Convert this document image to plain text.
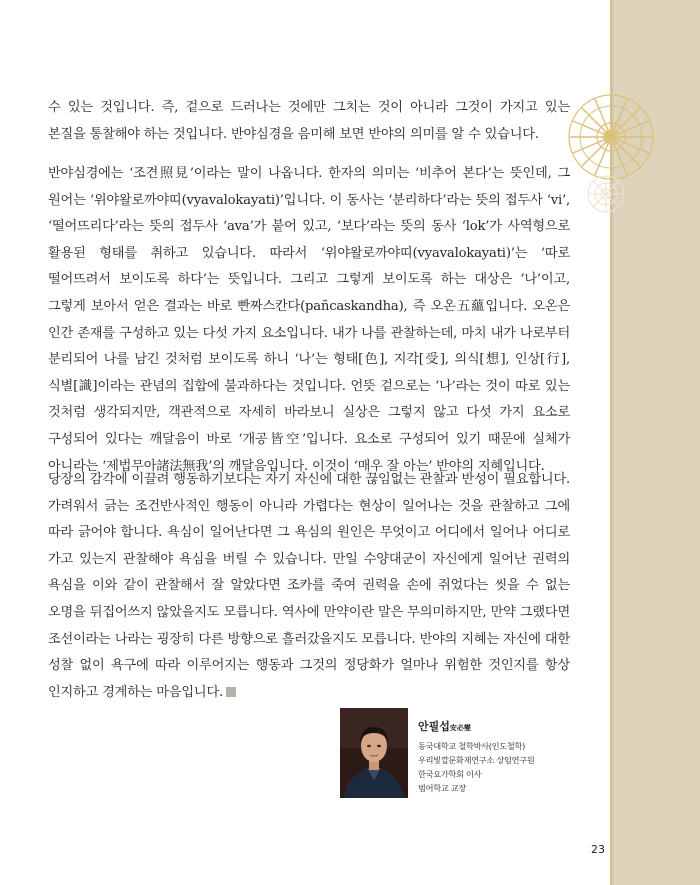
수 있는 것입니다. 즉, 겉으로 드러나는 것에만 그치는 것이 아니라 그것이 가지고 있는 본질을 통찰해야 하는 것입니다. 반야심경을 음미해 보면 반야의 의미를 알 수 있습니다.

반야심경에는 ‘조견照見’이라는 말이 나옵니다. 한자의 의미는 ‘비추어 본다’는 뜻인데, 그 원어는 ‘위야왈로까야띠(vyavalokayati)’입니다. 이 동사는 ‘분리하다’라는 뜻의 접두사 ‘vi’, ‘떨어뜨리다’라는 뜻의 접두사 ‘ava’가 붙어 있고, ‘보다’라는 뜻의 동사 ‘lok’가 사역형으로 활용된 형태를 취하고 있습니다. 따라서 ‘위야왈로까야띠(vyavalokayati)’는 ‘따로 떨어뜨려서 보이도록 하다’는 뜻입니다. 그리고 그렇게 보이도록 하는 대상은 ‘나’이고, 그렇게 보아서 얻은 결과는 바로 빤짜스칸다(pañcaskandha), 즉 오온五蘊입니다. 오온은 인간 존재를 구성하고 있는 다섯 가지 요소입니다. 내가 나를 관찰하는데, 마치 내가 나로부터 분리되어 나를 남긴 것처럼 보이도록 하니 ‘나’는 형태[色], 지각[受], 의식[想], 인상[行], 식별[識]이라는 관념의 집합에 불과하다는 것입니다. 언뜻 겉으로는 ‘나’라는 것이 따로 있는 것처럼 생각되지만, 객관적으로 자세히 바라보니 실상은 그렇지 않고 다섯 가지 요소로 구성되어 있다는 깨달음이 바로 ‘개공皆空’입니다. 요소로 구성되어 있기 때문에 실체가 아니라는 ‘제법무아諸法無我’의 깨달음입니다. 이것이 ‘매우 잘 아는’ 반야의 지혜입니다.

당장의 감각에 이끌려 행동하기보다는 자기 자신에 대한 끊임없는 관찰과 반성이 필요합니다. 가려워서 긁는 조건반사적인 행동이 아니라 가렵다는 현상이 일어나는 것을 관찰하고 그에 따라 긁어야 합니다. 욕심이 일어난다면 그 욕심의 원인은 무엇이고 어디에서 일어나 어디로 가고 있는지 관찰해야 욕심을 버릴 수 있습니다. 만일 수양대군이 자신에게 일어난 권력의 욕심을 이와 같이 관찰해서 잘 알았다면 조카를 죽여 권력을 손에 쥐었다는 씻을 수 없는 오명을 뒤집어쓰지 않았을지도 모릅니다. 역사에 만약이란 말은 무의미하지만, 만약 그랬다면 조선이라는 나라는 굉장히 다른 방향으로 흘러갔을지도 모릅니다. 반야의 지혜는 자신에 대한 성찰 없이 욕구에 따라 이루어지는 행동과 그것의 정당화가 얼마나 위험한 것인지를 항상 인지하고 경계하는 마음입니다.

안필섭安必燮

동국대학교 철학박사(인도철학)

우리빛깔문화재연구소 상임연구원

한국요가학회 이사

범어학교 교장

23
